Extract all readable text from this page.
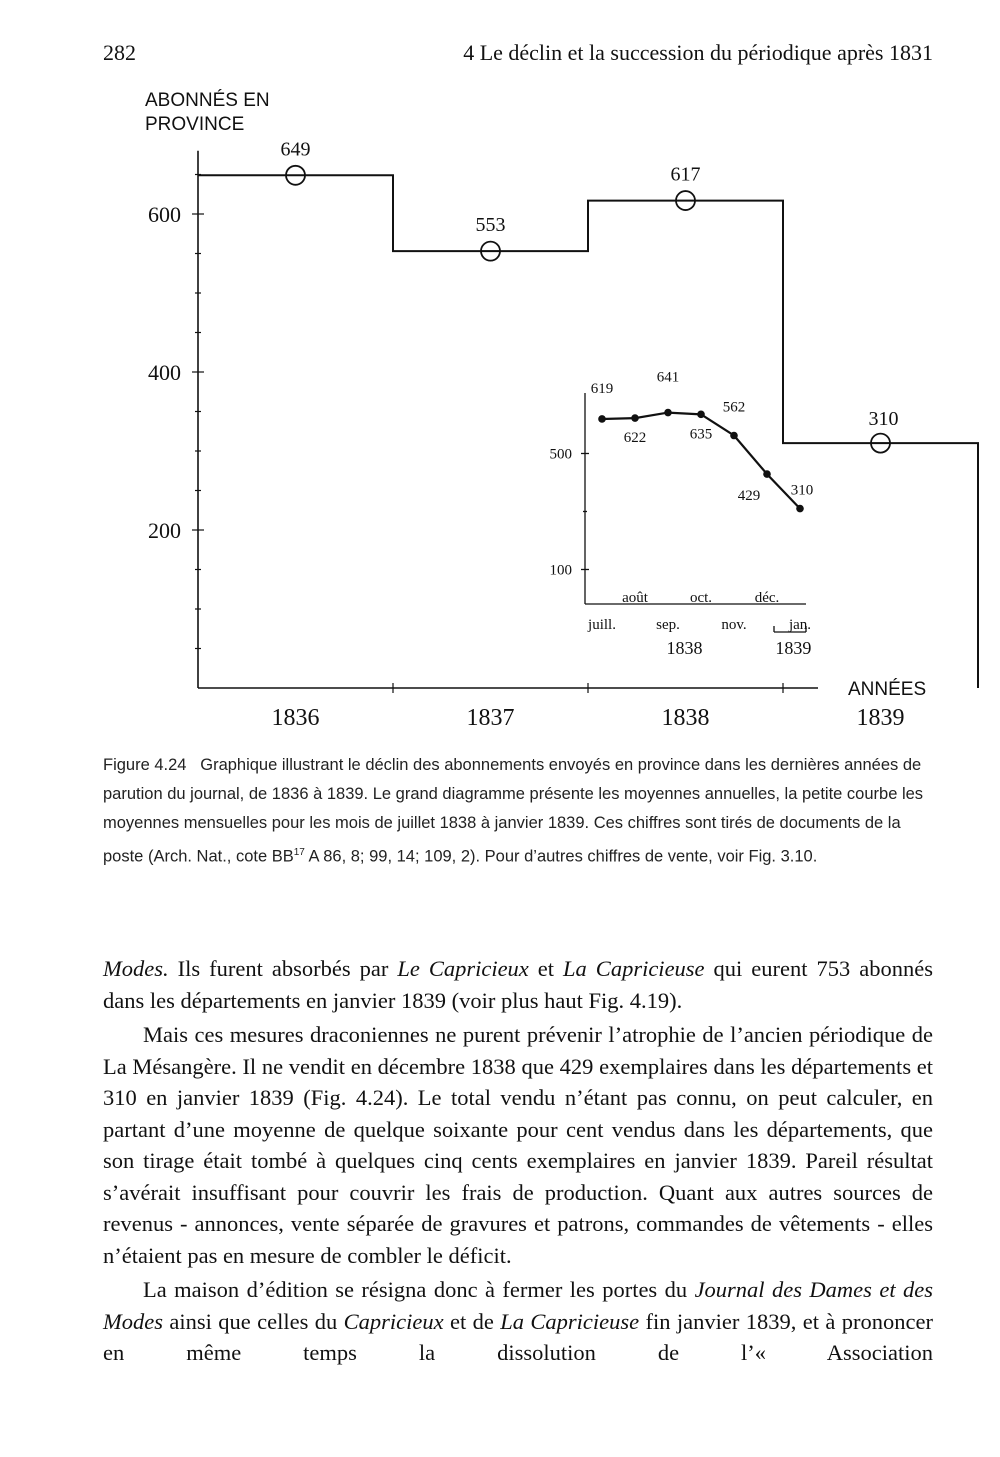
282	4 Le déclin et la succession du périodique après 1831
ABONNÉS EN
PROVINCE
ANNÉES
600
400
200
1836	1837	1838	1839
649
553
617
310
500
100
août	oct.	déc.
juill.	sep.	nov.	jan.
1838	1839
619
622
641
635
562
429 310
Figure 4.24 Graphique illustrant le déclin des abonnements envoyés en province dans les dernières années de parution du journal, de 1836 à 1839. Le grand diagramme présente les moyennes annuelles, la petite courbe les moyennes mensuelles pour les mois de juillet 1838 à janvier 1839. Ces chiffres sont tirés de documents de la poste (Arch. Nat., cote BB$^{17}$ A 86, 8; 99, 14; 109, 2). Pour d’autres chiffres de vente, voir Fig. 3.10.

Modes. Ils furent absorbés par Le Capricieux et La Capricieuse qui eurent 753 abonnés dans les départements en janvier 1839 (voir plus haut Fig. 4.19).

Mais ces mesures draconiennes ne purent prévenir l’atrophie de l’ancien périodique de La Mésangère. Il ne vendit en décembre 1838 que 429 exemplaires dans les départements et 310 en janvier 1839 (Fig. 4.24). Le total vendu n’étant pas connu, on peut calculer, en partant d’une moyenne de quelque soixante pour cent vendus dans les départements, que son tirage était tombé à quelques cinq cents exemplaires en janvier 1839. Pareil résultat s’avérait insuffisant pour couvrir les frais de production. Quant aux autres sources de revenus - annonces, vente séparée de gravures et patrons, commandes de vêtements - elles n’étaient pas en mesure de combler le déficit.

La maison d’édition se résigna donc à fermer les portes du Journal des Dames et des Modes ainsi que celles du Capricieux et de La Capricieuse fin janvier 1839, et à prononcer en même temps la dissolution de l’« Association
